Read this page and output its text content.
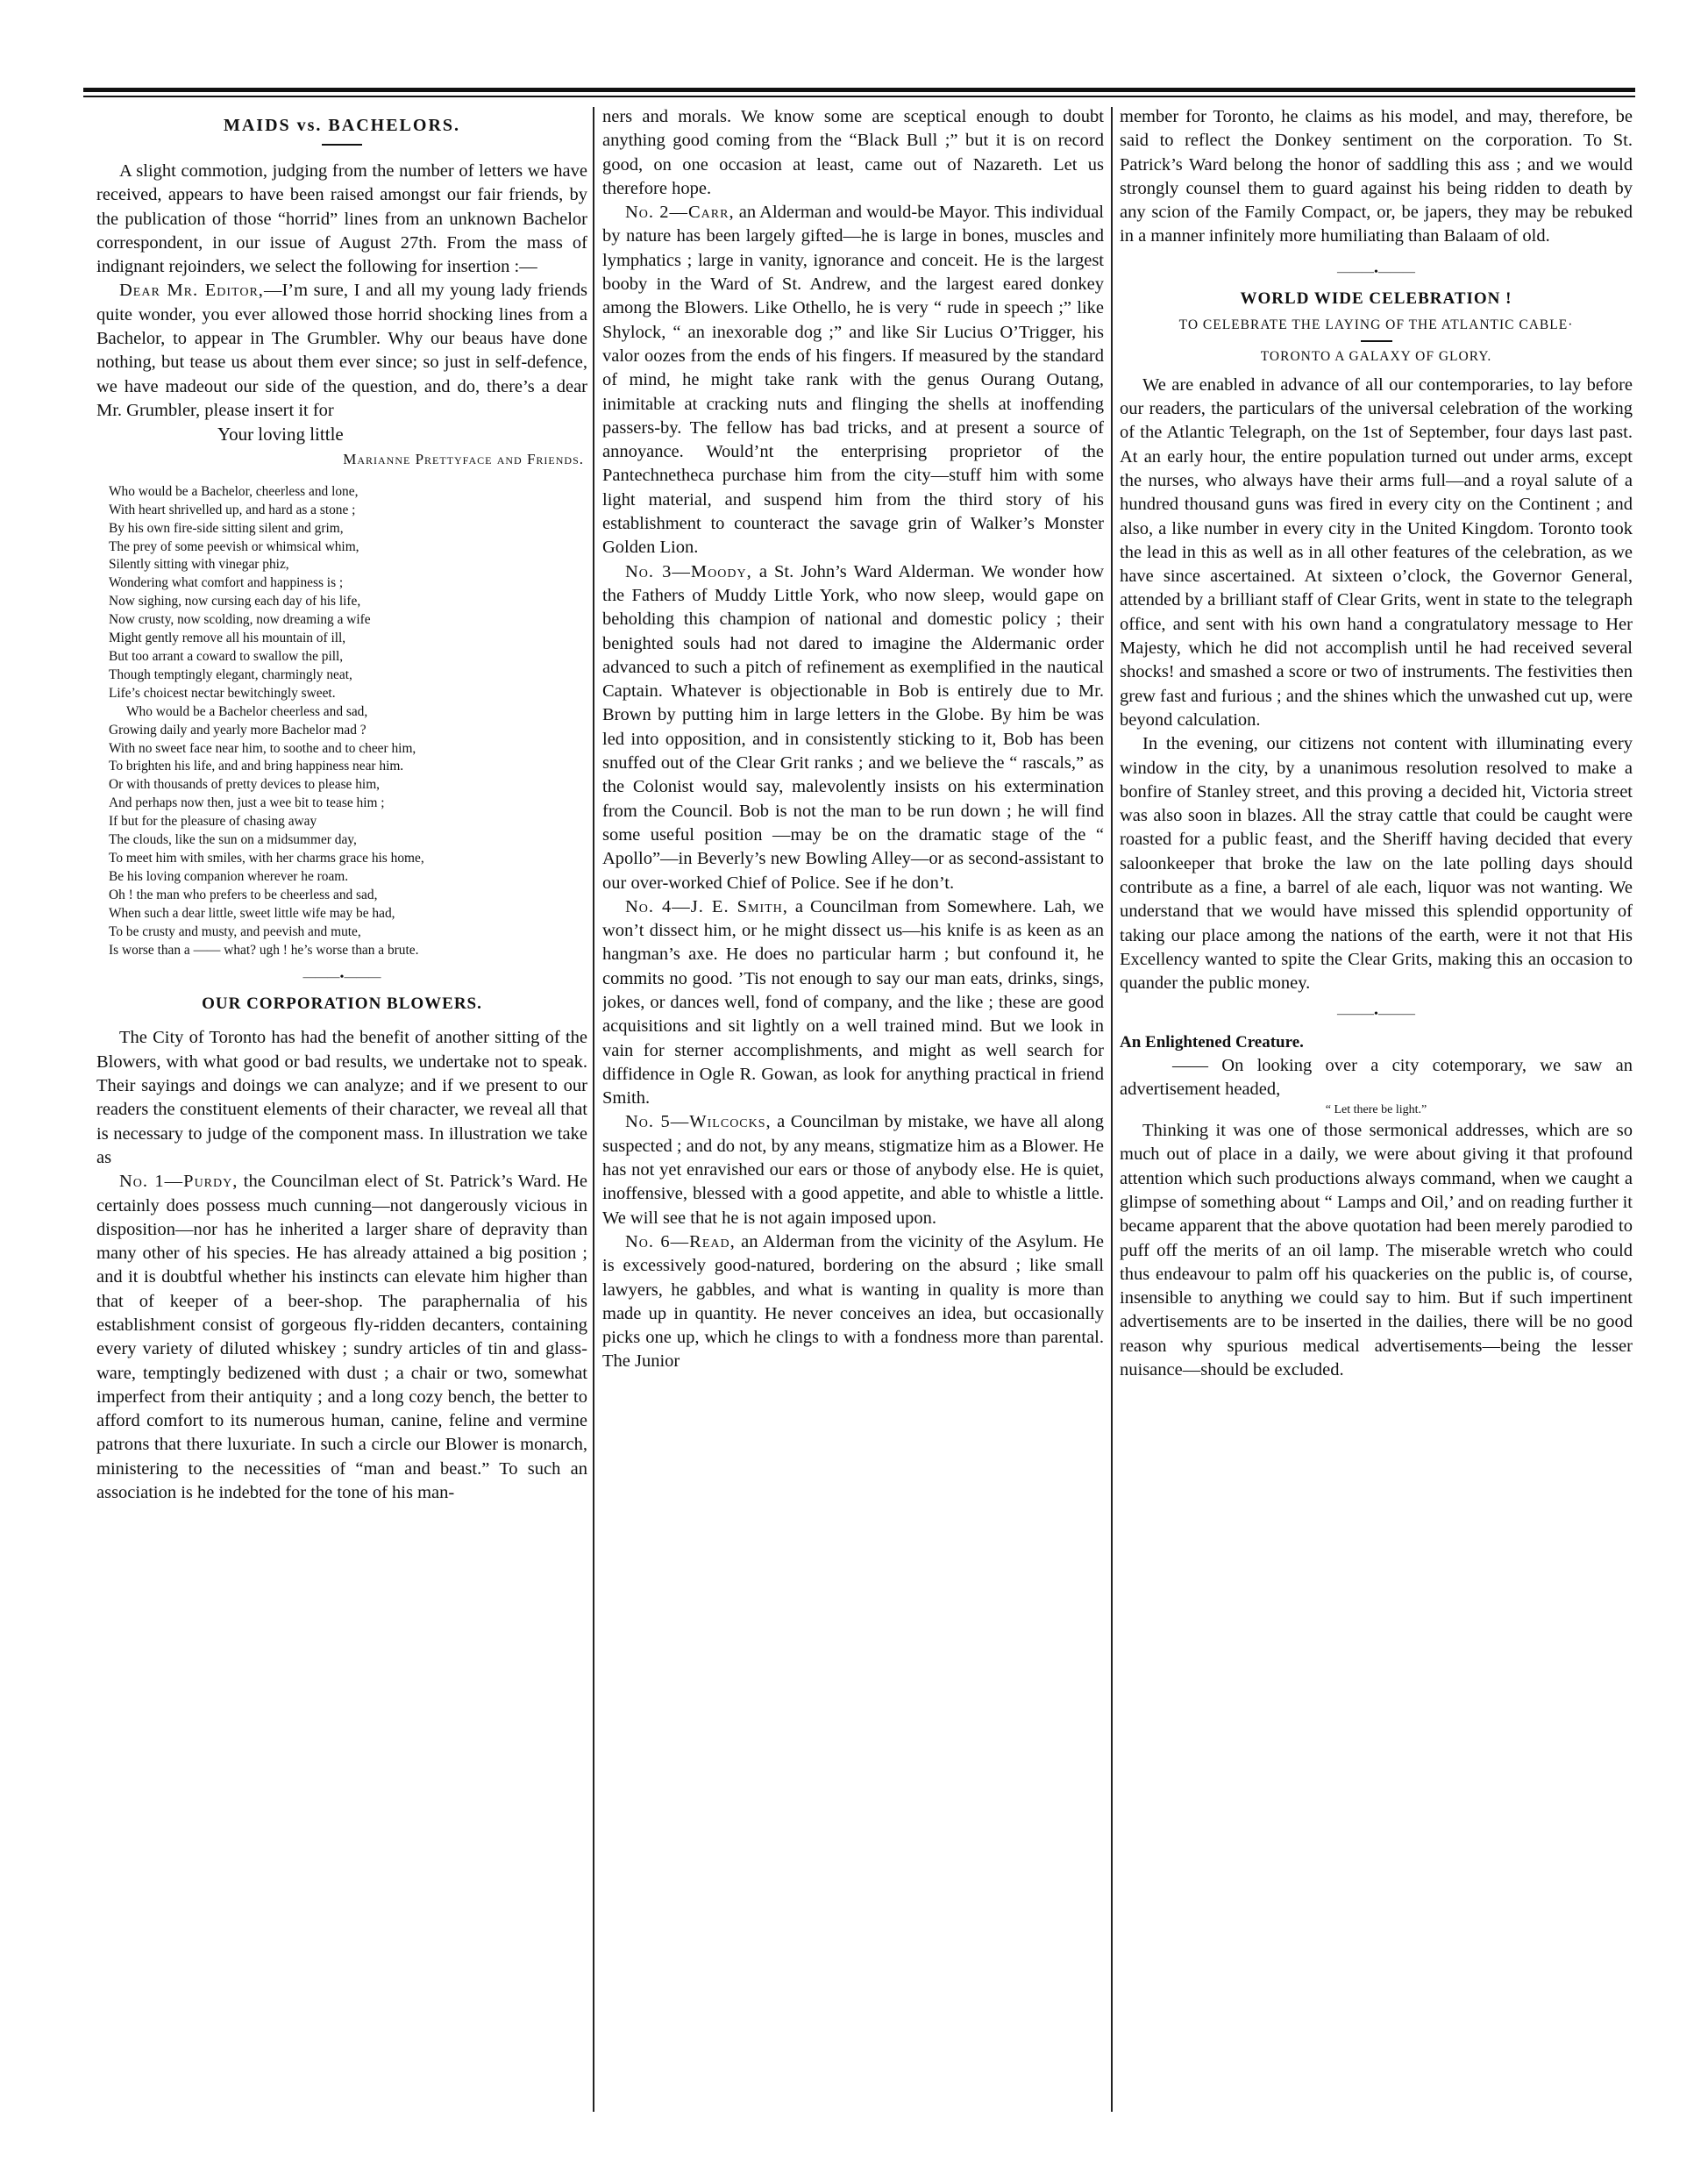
MAIDS vs. BACHELORS.

A slight commotion, judging from the number of letters we have received, appears to have been raised amongst our fair friends, by the publication of those “horrid” lines from an unknown Bachelor correspondent, in our issue of August 27th. From the mass of indignant rejoinders, we select the following for insertion :—

Dear Mr. Editor,—I’m sure, I and all my young lady friends quite wonder, you ever allowed those horrid shocking lines from a Bachelor, to appear in The Grumbler. Why our beaus have done nothing, but tease us about them ever since; so just in self-defence, we have madeout our side of the question, and do, there’s a dear Mr. Grumbler, please insert it for

Your loving little

Marianne Prettyface and Friends.

Who would be a Bachelor, cheerless and lone,
With heart shrivelled up, and hard as a stone ;
By his own fire-side sitting silent and grim,
The prey of some peevish or whimsical whim,
Silently sitting with vinegar phiz,
Wondering what comfort and happiness is ;
Now sighing, now cursing each day of his life,
Now crusty, now scolding, now dreaming a wife
Might gently remove all his mountain of ill,
But too arrant a coward to swallow the pill,
Though temptingly elegant, charmingly neat,
Life’s choicest nectar bewitchingly sweet.
Who would be a Bachelor cheerless and sad,
Growing daily and yearly more Bachelor mad ?
With no sweet face near him, to soothe and to cheer him,
To brighten his life, and and bring happiness near him.
Or with thousands of pretty devices to please him,
And perhaps now then, just a wee bit to tease him ;
If but for the pleasure of chasing away
The clouds, like the sun on a midsummer day,
To meet him with smiles, with her charms grace his home,
Be his loving companion wherever he roam.
Oh ! the man who prefers to be cheerless and sad,
When such a dear little, sweet little wife may be had,
To be crusty and musty, and peevish and mute,
Is worse than a —— what? ugh ! he’s worse than a brute.
———•———
OUR CORPORATION BLOWERS.

The City of Toronto has had the benefit of another sitting of the Blowers, with what good or bad results, we undertake not to speak. Their sayings and doings we can analyze; and if we present to our readers the constituent elements of their character, we reveal all that is necessary to judge of the component mass. In illustration we take as

No. 1—Purdy, the Councilman elect of St. Patrick’s Ward. He certainly does possess much cunning—not dangerously vicious in disposition—nor has he inherited a larger share of depravity than many other of his species. He has already attained a big position ; and it is doubtful whether his instincts can elevate him higher than that of keeper of a beer-shop. The paraphernalia of his establishment consist of gorgeous fly-ridden decanters, containing every variety of diluted whiskey ; sundry articles of tin and glass-ware, temptingly bedizened with dust ; a chair or two, somewhat imperfect from their antiquity ; and a long cozy bench, the better to afford comfort to its numerous human, canine, feline and vermine patrons that there luxuriate. In such a circle our Blower is monarch, ministering to the necessities of “man and beast.” To such an association is he indebted for the tone of his man-

ners and morals. We know some are sceptical enough to doubt anything good coming from the “Black Bull ;” but it is on record good, on one occasion at least, came out of Nazareth. Let us therefore hope.

No. 2—Carr, an Alderman and would-be Mayor. This individual by nature has been largely gifted—he is large in bones, muscles and lymphatics ; large in vanity, ignorance and conceit. He is the largest booby in the Ward of St. Andrew, and the largest eared donkey among the Blowers. Like Othello, he is very “ rude in speech ;” like Shylock, “ an inexorable dog ;” and like Sir Lucius O’Trigger, his valor oozes from the ends of his fingers. If measured by the standard of mind, he might take rank with the genus Ourang Outang, inimitable at cracking nuts and flinging the shells at inoffending passers-by. The fellow has bad tricks, and at present a source of annoyance. Would’nt the enterprising proprietor of the Pantechnetheca purchase him from the city—stuff him with some light material, and suspend him from the third story of his establishment to counteract the savage grin of Walker’s Monster Golden Lion.

No. 3—Moody, a St. John’s Ward Alderman. We wonder how the Fathers of Muddy Little York, who now sleep, would gape on beholding this champion of national and domestic policy ; their benighted souls had not dared to imagine the Aldermanic order advanced to such a pitch of refinement as exemplified in the nautical Captain. Whatever is objectionable in Bob is entirely due to Mr. Brown by putting him in large letters in the Globe. By him be was led into opposition, and in consistently sticking to it, Bob has been snuffed out of the Clear Grit ranks ; and we believe the “ rascals,” as the Colonist would say, malevolently insists on his extermination from the Council. Bob is not the man to be run down ; he will find some useful position —may be on the dramatic stage of the “ Apollo”—in Beverly’s new Bowling Alley—or as second-assistant to our over-worked Chief of Police. See if he don’t.

No. 4—J. E. Smith, a Councilman from Somewhere. Lah, we won’t dissect him, or he might dissect us—his knife is as keen as an hangman’s axe. He does no particular harm ; but confound it, he commits no good. ’Tis not enough to say our man eats, drinks, sings, jokes, or dances well, fond of company, and the like ; these are good acquisitions and sit lightly on a well trained mind. But we look in vain for sterner accomplishments, and might as well search for diffidence in Ogle R. Gowan, as look for anything practical in friend Smith.

No. 5—Wilcocks, a Councilman by mistake, we have all along suspected ; and do not, by any means, stigmatize him as a Blower. He has not yet enravished our ears or those of anybody else. He is quiet, inoffensive, blessed with a good appetite, and able to whistle a little. We will see that he is not again imposed upon.

No. 6—Read, an Alderman from the vicinity of the Asylum. He is excessively good-natured, bordering on the absurd ; like small lawyers, he gabbles, and what is wanting in quality is more than made up in quantity. He never conceives an idea, but occasionally picks one up, which he clings to with a fondness more than parental. The Junior

member for Toronto, he claims as his model, and may, therefore, be said to reflect the Donkey sentiment on the corporation. To St. Patrick’s Ward belong the honor of saddling this ass ; and we would strongly counsel them to guard against his being ridden to death by any scion of the Family Compact, or, be japers, they may be rebuked in a manner infinitely more humiliating than Balaam of old.

———•———
WORLD WIDE CELEBRATION !
TO CELEBRATE THE LAYING OF THE ATLANTIC CABLE·
TORONTO A GALAXY OF GLORY.

We are enabled in advance of all our contemporaries, to lay before our readers, the particulars of the universal celebration of the working of the Atlantic Telegraph, on the 1st of September, four days last past. At an early hour, the entire population turned out under arms, except the nurses, who always have their arms full—and a royal salute of a hundred thousand guns was fired in every city on the Continent ; and also, a like number in every city in the United Kingdom. Toronto took the lead in this as well as in all other features of the celebration, as we have since ascertained. At sixteen o’clock, the Governor General, attended by a brilliant staff of Clear Grits, went in state to the telegraph office, and sent with his own hand a congratulatory message to Her Majesty, which he did not accomplish until he had received several shocks! and smashed a score or two of instruments. The festivities then grew fast and furious ; and the shines which the unwashed cut up, were beyond calculation.

In the evening, our citizens not content with illuminating every window in the city, by a unanimous resolution resolved to make a bonfire of Stanley street, and this proving a decided hit, Victoria street was also soon in blazes. All the stray cattle that could be caught were roasted for a public feast, and the Sheriff having decided that every saloonkeeper that broke the law on the late polling days should contribute as a fine, a barrel of ale each, liquor was not wanting. We understand that we would have missed this splendid opportunity of taking our place among the nations of the earth, were it not that His Excellency wanted to spite the Clear Grits, making this an occasion to quander the public money.

———•———
An Enlightened Creature.

—— On looking over a city cotemporary, we saw an advertisement headed,

“ Let there be light.”

Thinking it was one of those sermonical addresses, which are so much out of place in a daily, we were about giving it that profound attention which such productions always command, when we caught a glimpse of something about “ Lamps and Oil,’ and on reading further it became apparent that the above quotation had been merely parodied to puff off the merits of an oil lamp. The miserable wretch who could thus endeavour to palm off his quackeries on the public is, of course, insensible to anything we could say to him. But if such impertinent advertisements are to be inserted in the dailies, there will be no good reason why spurious medical advertisements—being the lesser nuisance—should be excluded.
